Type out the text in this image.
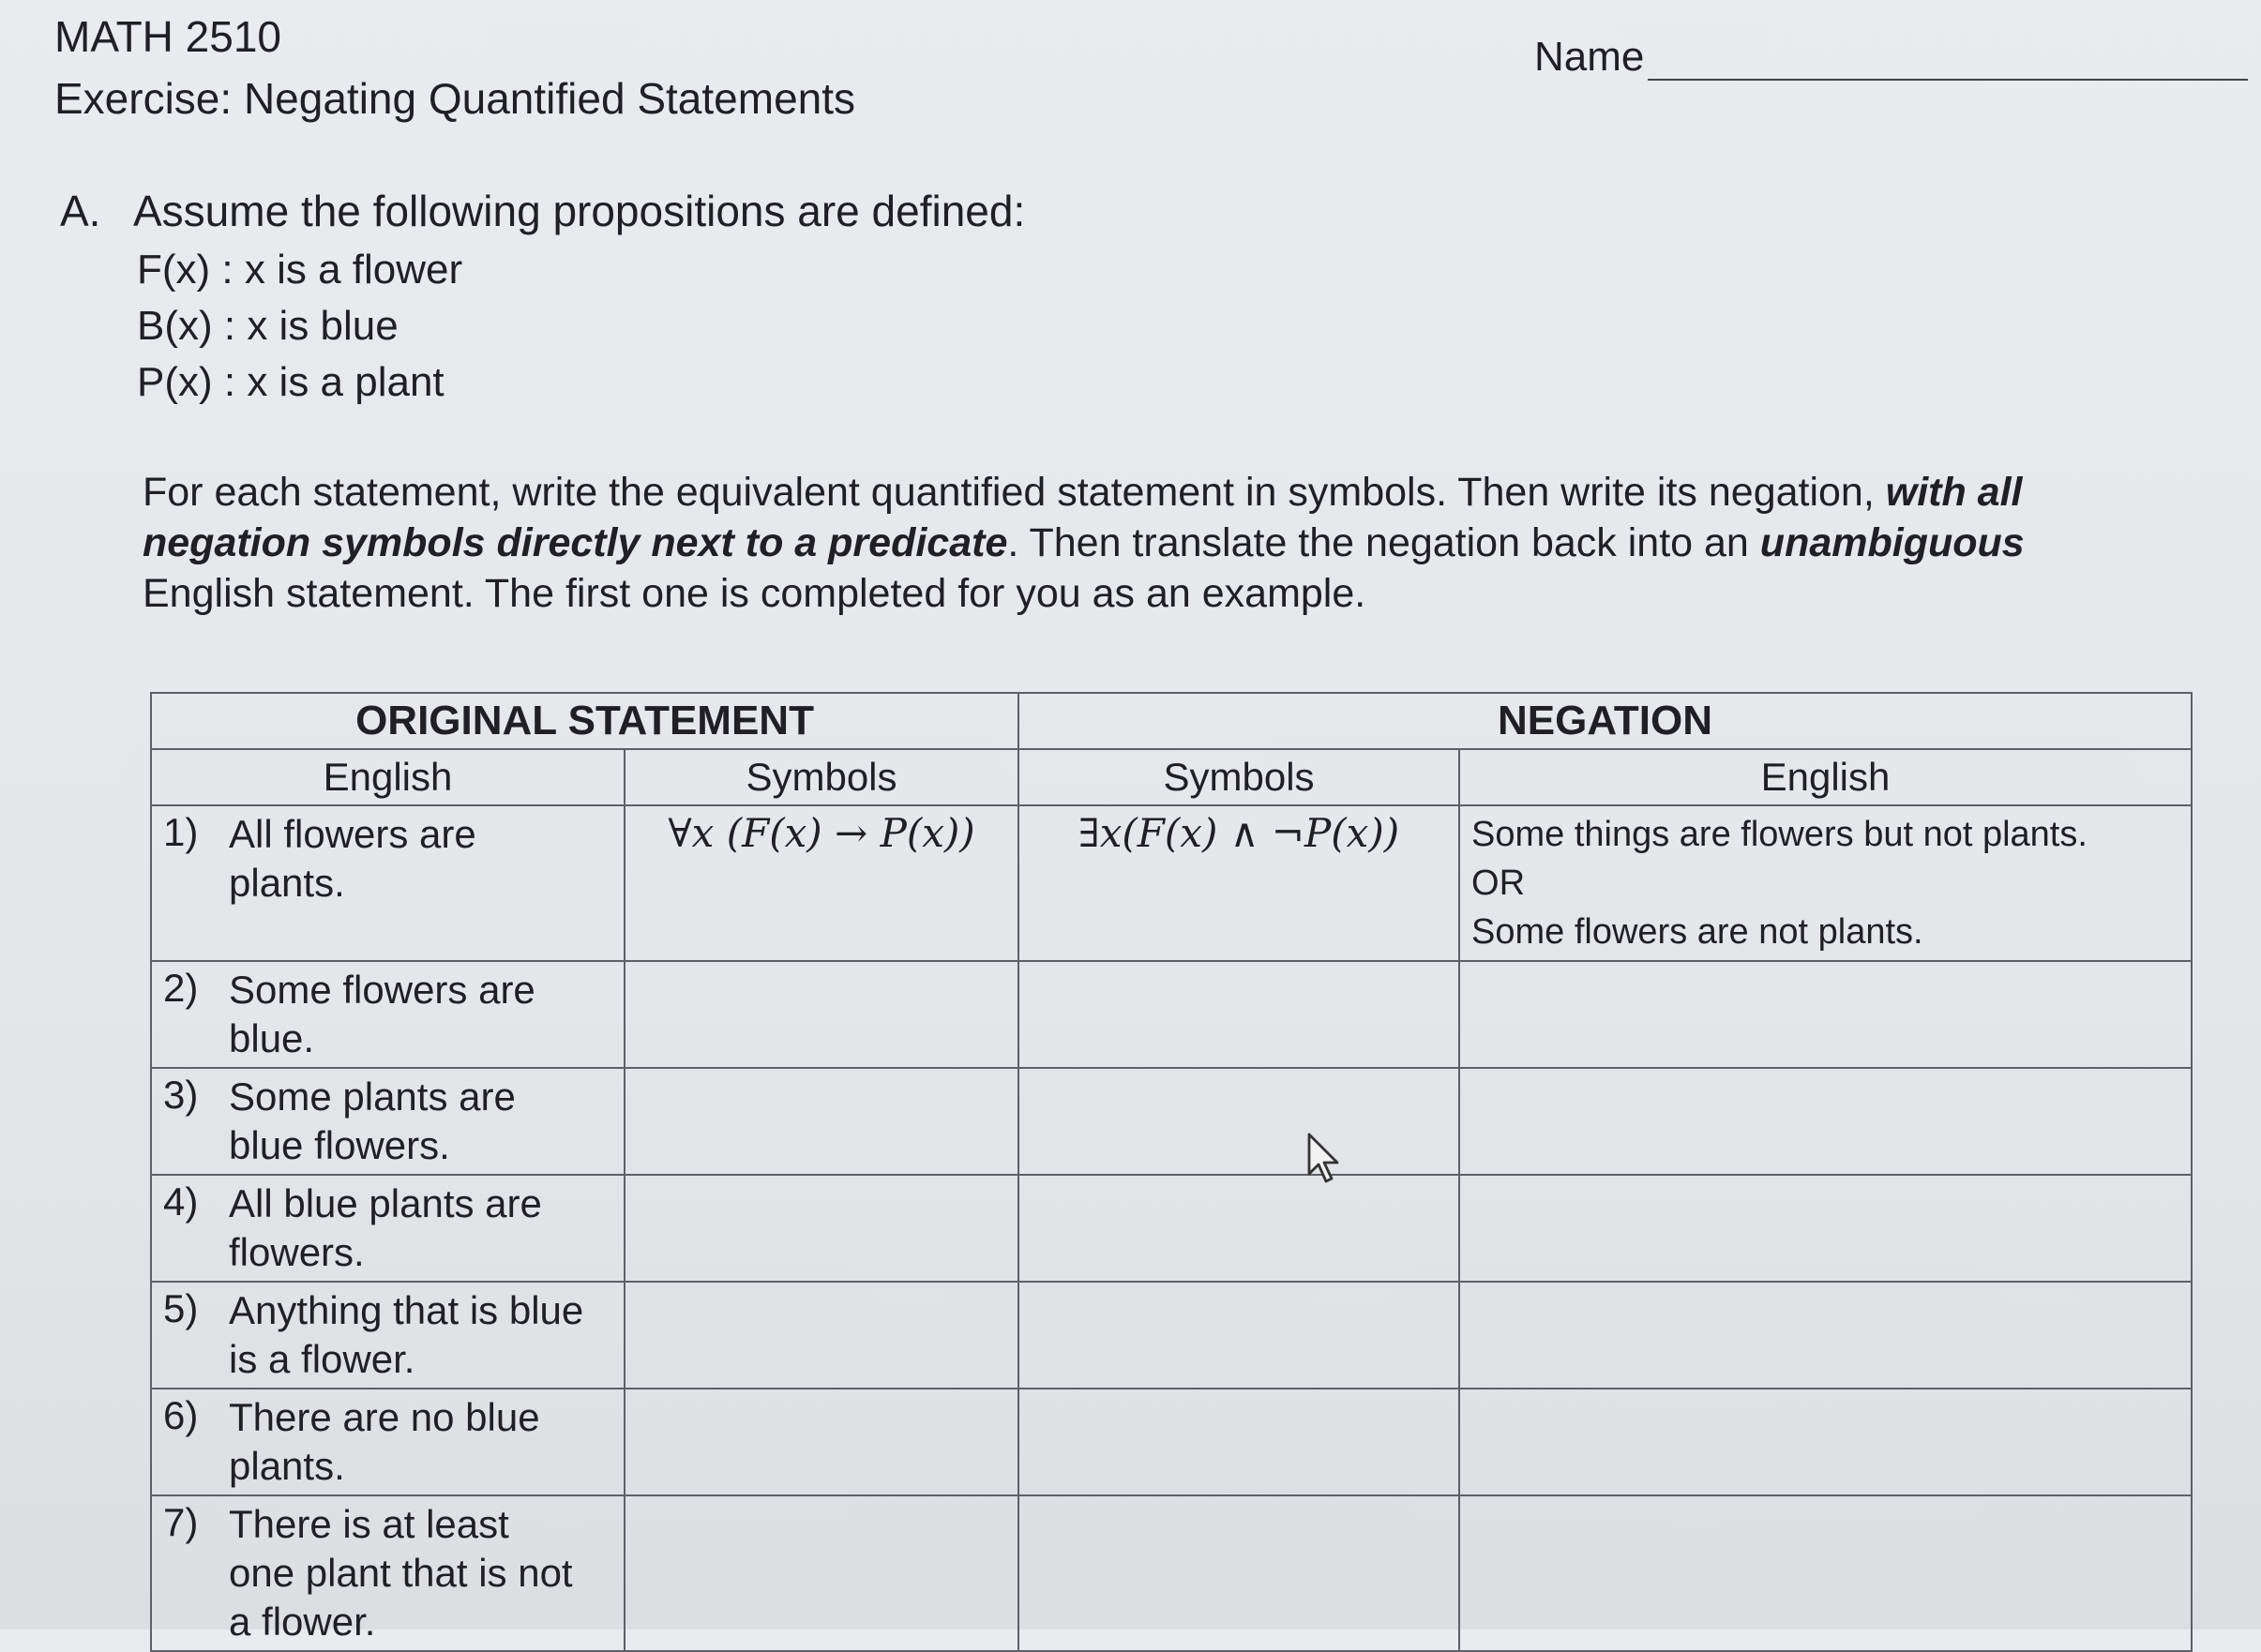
MATH 2510
Exercise: Negating Quantified Statements
Name
A. Assume the following propositions are defined:
F(x) : x is a flower
B(x) : x is blue
P(x) : x is a plant
For each statement, write the equivalent quantified statement in symbols. Then write its negation, with all negation symbols directly next to a predicate. Then translate the negation back into an unambiguous English statement. The first one is completed for you as an example.
ORIGINAL STATEMENT		NEGATION	
English	Symbols	Symbols	English
1) All flowers are plants.	∀x (F(x) → P(x))	∃x(F(x) ∧ ¬P(x))	Some things are flowers but not plants.
OR
Some flowers are not plants.

2) Some flowers are blue.			
3) Some plants are blue flowers.			
4) All blue plants are flowers.			
5) Anything that is blue is a flower.			
6) There are no blue plants.			
7) There is at least one plant that is not a flower.			
